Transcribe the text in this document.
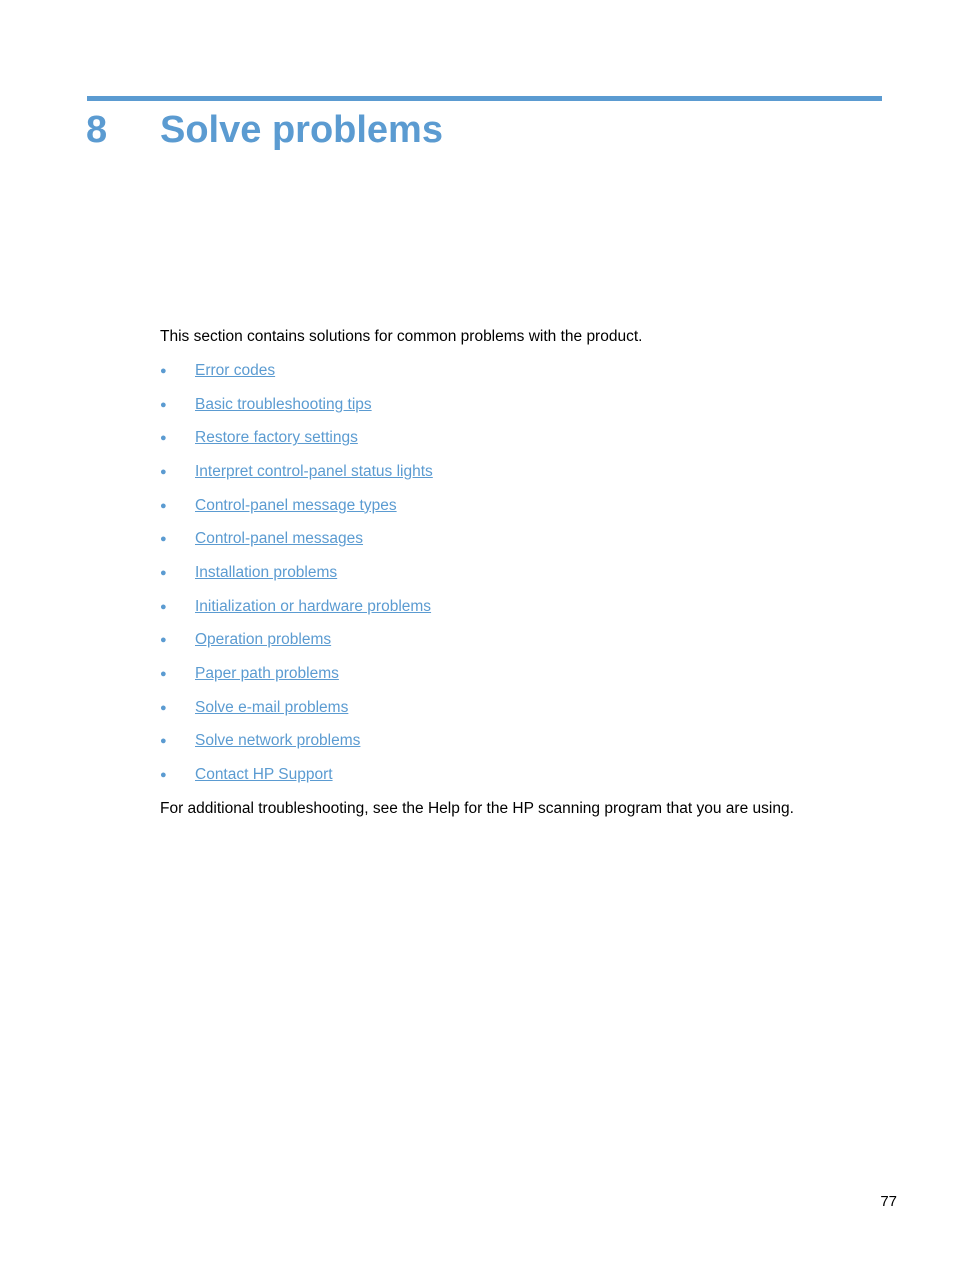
8 Solve problems

This section contains solutions for common problems with the product.

●	Error codes
●	Basic troubleshooting tips
●	Restore factory settings
●	Interpret control-panel status lights
●	Control-panel message types
●	Control-panel messages
●	Installation problems
●	Initialization or hardware problems
●	Operation problems
●	Paper path problems
●	Solve e-mail problems
●	Solve network problems
●	Contact HP Support

For additional troubleshooting, see the Help for the HP scanning program that you are using.

77
